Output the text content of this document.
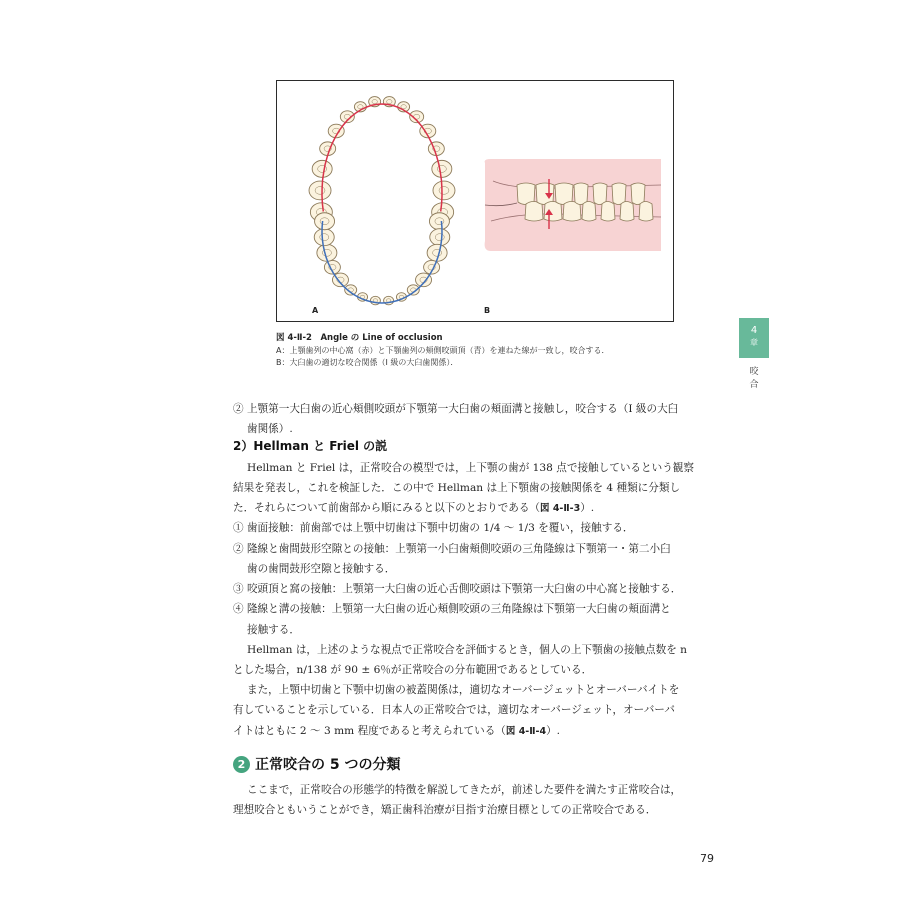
A	B
図 4-Ⅱ-2　Angle の Line of occlusion
A：上顎歯列の中心窩（赤）と下顎歯列の頬側咬頭頂（青）を連ねた線が一致し，咬合する．
B：大臼歯の適切な咬合関係（I 級の大臼歯関係）．
4
章
咬合
② 上顎第一大臼歯の近心頬側咬頭が下顎第一大臼歯の頬面溝と接触し，咬合する（I 級の大臼
歯関係）.
2）Hellman と Friel の説
Hellman と Friel は，正常咬合の模型では，上下顎の歯が 138 点で接触しているという観察
結果を発表し，これを検証した．この中で Hellman は上下顎歯の接触関係を 4 種類に分類し
た．それらについて前歯部から順にみると以下のとおりである（図 4-Ⅱ-3）.
① 歯面接触：前歯部では上顎中切歯は下顎中切歯の 1/4 ～ 1/3 を覆い，接触する．
② 隆線と歯間鼓形空隙との接触：上顎第一小臼歯頬側咬頭の三角隆線は下顎第一・第二小臼
歯の歯間鼓形空隙と接触する．
③ 咬頭頂と窩の接触：上顎第一大臼歯の近心舌側咬頭は下顎第一大臼歯の中心窩と接触する．
④ 隆線と溝の接触：上顎第一大臼歯の近心頬側咬頭の三角隆線は下顎第一大臼歯の頬面溝と
接触する．
Hellman は，上述のような視点で正常咬合を評価するとき，個人の上下顎歯の接触点数を n
とした場合，n/138 が 90 ± 6％が正常咬合の分布範囲であるとしている．
また，上顎中切歯と下顎中切歯の被蓋関係は，適切なオーバージェットとオーバーバイトを
有していることを示している．日本人の正常咬合では，適切なオーバージェット，オーバーバ
イトはともに 2 ～ 3 mm 程度であると考えられている（図 4-Ⅱ-4）.
2 正常咬合の 5 つの分類
ここまで，正常咬合の形態学的特徴を解説してきたが，前述した要件を満たす正常咬合は，
理想咬合ともいうことができ，矯正歯科治療が目指す治療目標としての正常咬合である．
79
